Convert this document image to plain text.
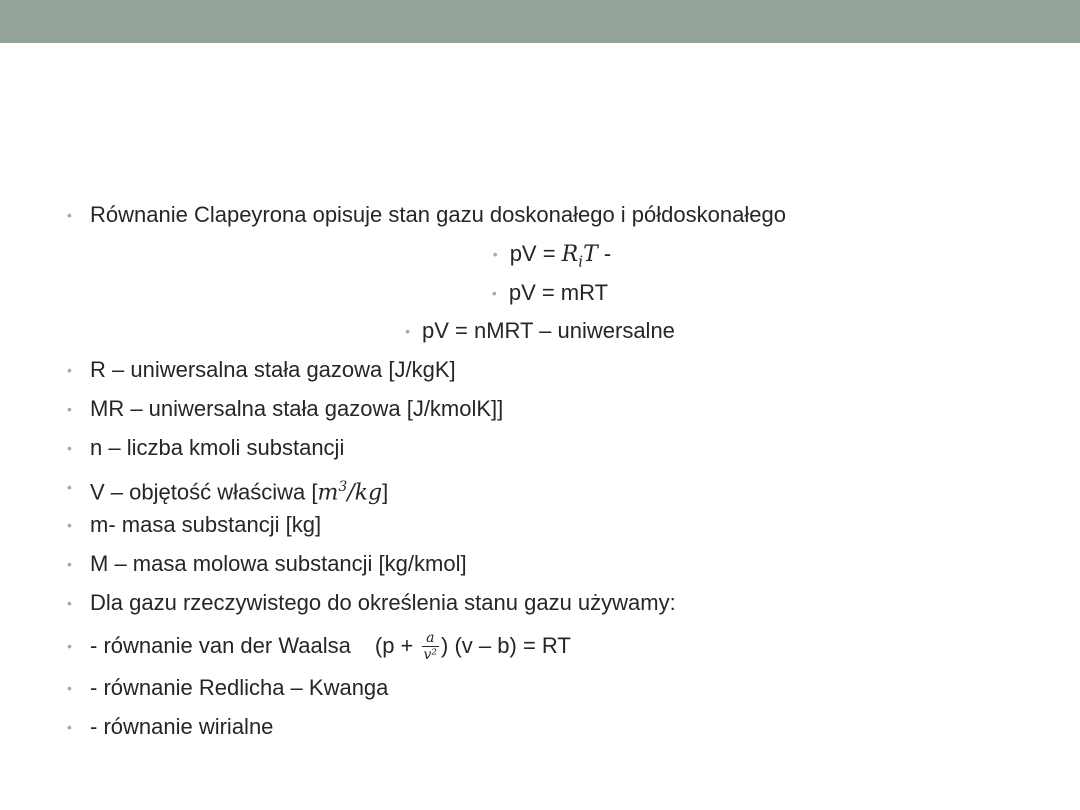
• Równanie Clapeyrona opisuje stan gazu doskonałego i półdoskonałego
• pV = $R_iT$ -
• pV = mRT
• pV = nMRT – uniwersalne
• R – uniwersalna stała gazowa [J/kgK]
• MR – uniwersalna stała gazowa [J/kmolK]]
• n – liczba kmoli substancji
• V – objętość właściwa $[m^3/kg]$
• m- masa substancji [kg]
• M – masa molowa substancji [kg/kmol]
• Dla gazu rzeczywistego do określenia stanu gazu używamy:
• - równanie van der Waalsa ($p + \frac{a}{\text{v²}}$ ) (v – b) = RT
• - równanie Redlicha – Kwanga
• - równanie wirialne
